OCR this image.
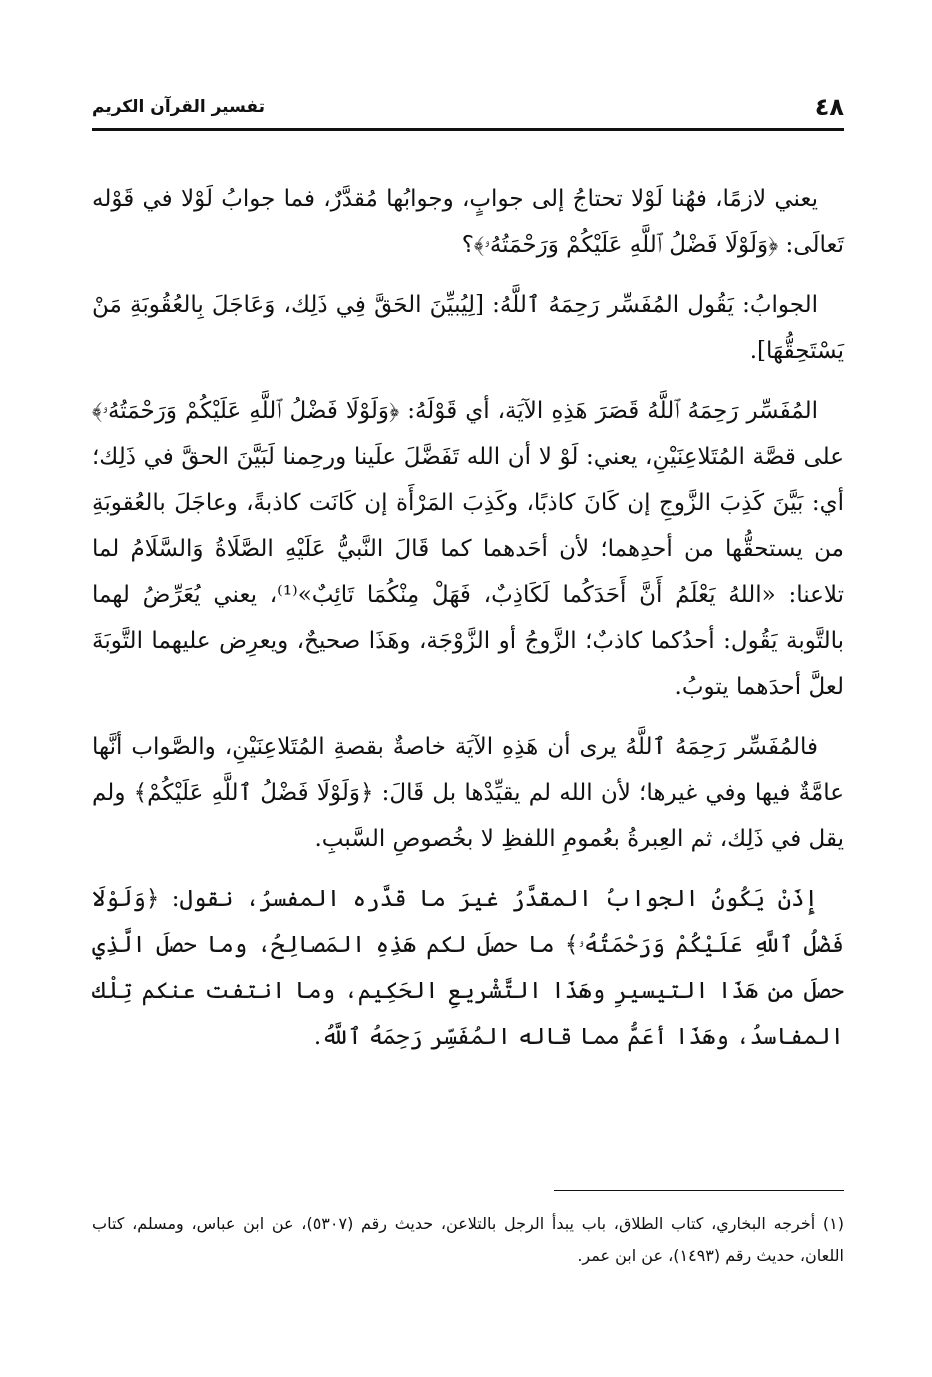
٤٨
تفسير القرآن الكريم

يعني لازمًا، فهُنا لَوْلا تحتاجُ إلى جوابٍ، وجوابُها مُقدَّرٌ، فما جوابُ لَوْلا في قَوْله تَعالَى: ﴿وَلَوْلَا فَضْلُ ٱللَّهِ عَلَيْكُمْ وَرَحْمَتُهُۥ﴾؟

الجوابُ: يَقُول المُفَسِّر رَحِمَهُ ٱللَّهُ: [لِيُبيِّنَ الحَقَّ فِي ذَلِك، وَعَاجَلَ بِالعُقُوبَةِ مَنْ يَسْتَحِقُّهَا].

المُفَسِّر رَحِمَهُ ٱللَّهُ قَصَرَ هَذِهِ الآيَة، أي قَوْلَهُ: ﴿وَلَوْلَا فَضْلُ ٱللَّهِ عَلَيْكُمْ وَرَحْمَتُهُۥ﴾ على قصَّة المُتَلاعِنَيْنِ، يعني: لَوْ لا أن الله تَفَضَّلَ علَينا ورحِمنا لَبَيَّنَ الحقَّ في ذَلِك؛ أي: بَيَّنَ كَذِبَ الزَّوجِ إن كَانَ كاذبًا، وكَذِبَ المَرْأَة إن كَانَت كاذبةً، وعاجَلَ بالعُقوبَةِ من يستحقُّها من أحدِهما؛ لأن أحَدهما كما قَالَ النَّبيُّ عَلَيْهِ الصَّلَاةُ وَالسَّلَامُ لما تلاعنا: «اللهُ يَعْلَمُ أَنَّ أَحَدَكُما لَكَاذِبٌ، فَهَلْ مِنْكُمَا تَائِبٌ»⁽¹⁾، يعني يُعَرِّضُ لهما بالتَّوبة يَقُول: أحدُكما كاذبٌ؛ الزَّوجُ أو الزَّوْجَة، وهَذَا صحيحٌ، ويعرِض عليهما التَّوبَةَ لعلَّ أحدَهما يتوبُ.

فالمُفَسِّر رَحِمَهُ ٱللَّهُ يرى أن هَذِهِ الآيَة خاصةٌ بقصةِ المُتَلاعِنَيْنِ، والصَّواب أنَّها عامَّةٌ فيها وفي غيرها؛ لأن الله لم يقيِّدْها بل قَالَ: ﴿وَلَوْلَا فَضْلُ ٱللَّهِ عَلَيْكُمْ﴾ ولم يقل في ذَلِك، ثم العِبرةُ بعُمومِ اللفظِ لا بخُصوصِ السَّببِ.

إِذَنْ يَكُونُ الجوابُ المقدَّرُ غيرَ ما قدَّره المفسرُ، نقول: ﴿وَلَوْلَا فَضْلُ ٱللَّهِ عَلَيْكُمْ وَرَحْمَتُهُۥ﴾ ما حصلَ لكم هَذِهِ المَصالِحُ، وما حصلَ الَّذِي حصلَ من هَذَا التيسيرِ وهَذَا التَّشْريعِ الحَكِيم، وما انتفت عنكم تِلْك المفاسدُ، وهَذَا أعَمُّ مما قاله المُفَسِّر رَحِمَهُ ٱللَّهُ.

(١) أخرجه البخاري، كتاب الطلاق، باب يبدأ الرجل بالتلاعن، حديث رقم (٥٣٠٧)، عن ابن عباس، ومسلم، كتاب اللعان، حديث رقم (١٤٩٣)، عن ابن عمر.
